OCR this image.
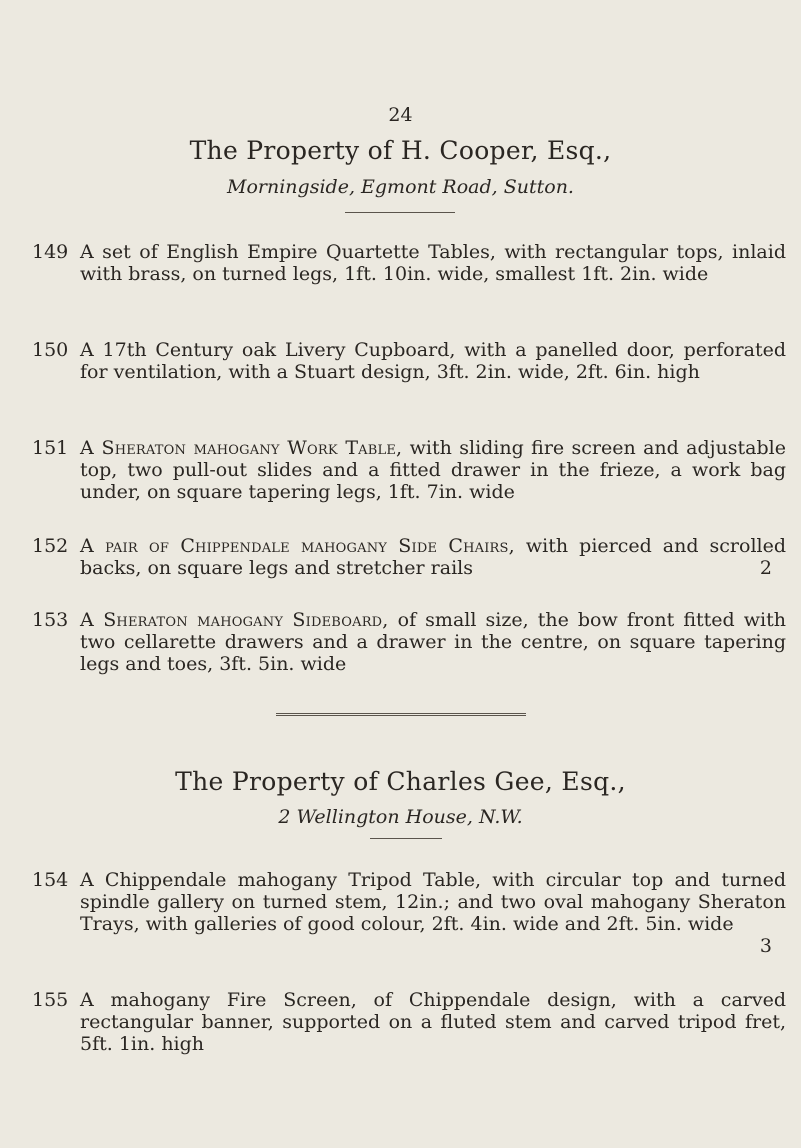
24
The Property of H. Cooper, Esq.,
Morningside, Egmont Road, Sutton.
149 A set of English Empire Quartette Tables, with rectangular tops, inlaid with brass, on turned legs, 1ft. 10in. wide, smallest 1ft. 2in. wide
150 A 17th Century oak Livery Cupboard, with a panelled door, perforated for ventilation, with a Stuart design, 3ft. 2in. wide, 2ft. 6in. high
151 A Sheraton mahogany Work Table, with sliding fire screen and adjustable top, two pull-out slides and a fitted drawer in the frieze, a work bag under, on square tapering legs, 1ft. 7in. wide
152 A pair of Chippendale mahogany Side Chairs, with pierced and scrolled backs, on square legs and stretcher rails	2
153 A Sheraton mahogany Sideboard, of small size, the bow front fitted with two cellarette drawers and a drawer in the centre, on square tapering legs and toes, 3ft. 5in. wide
The Property of Charles Gee, Esq.,
2 Wellington House, N.W.
154 A Chippendale mahogany Tripod Table, with circular top and turned spindle gallery on turned stem, 12in.; and two oval mahogany Sheraton Trays, with galleries of good colour, 2ft. 4in. wide and 2ft. 5in. wide
3
155 A mahogany Fire Screen, of Chippendale design, with a carved rectangular banner, supported on a fluted stem and carved tripod fret, 5ft. 1in. high
